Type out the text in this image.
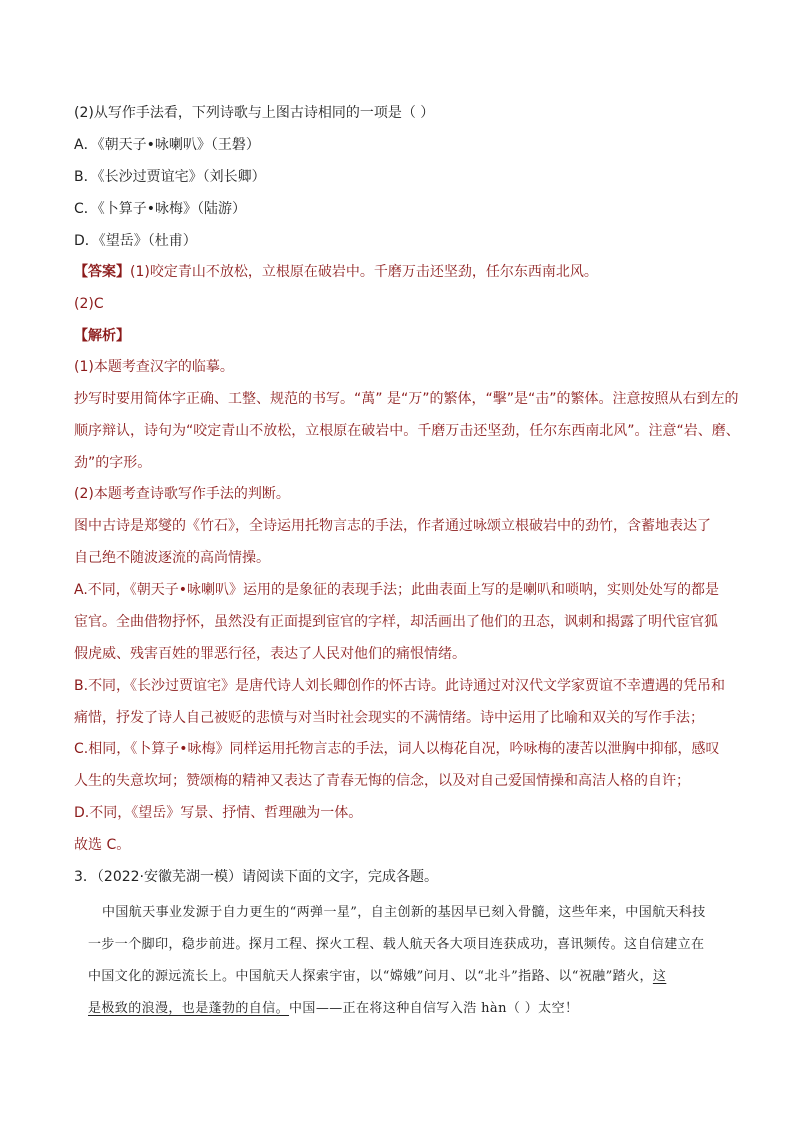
(2)从写作手法看，下列诗歌与上图古诗相同的一项是（ ）
A．《朝天子•咏喇叭》（王磐）
B．《长沙过贾谊宅》（刘长卿）
C．《卜算子•咏梅》（陆游）
D．《望岳》（杜甫）
【答案】(1)咬定青山不放松，立根原在破岩中。千磨万击还坚劲，任尔东西南北风。
(2)C
【解析】
(1)本题考查汉字的临摹。
抄写时要用简体字正确、工整、规范的书写。“萬” 是“万”的繁体，“擊”是“击”的繁体。注意按照从右到左的
顺序辩认，诗句为“咬定青山不放松，立根原在破岩中。千磨万击还坚劲，任尔东西南北风”。注意“岩、磨、
劲”的字形。
(2)本题考查诗歌写作手法的判断。
图中古诗是郑燮的《竹石》，全诗运用托物言志的手法，作者通过咏颂立根破岩中的劲竹，含蓄地表达了
自己绝不随波逐流的高尚情操。
A.不同，《朝天子•咏喇叭》运用的是象征的表现手法；此曲表面上写的是喇叭和唢呐，实则处处写的都是
宦官。全曲借物抒怀，虽然没有正面提到宦官的字样，却活画出了他们的丑态，讽刺和揭露了明代宦官狐
假虎威、残害百姓的罪恶行径，表达了人民对他们的痛恨情绪。
B.不同，《长沙过贾谊宅》是唐代诗人刘长卿创作的怀古诗。此诗通过对汉代文学家贾谊不幸遭遇的凭吊和
痛惜，抒发了诗人自己被贬的悲愤与对当时社会现实的不满情绪。诗中运用了比喻和双关的写作手法；
C.相同，《卜算子•咏梅》同样运用托物言志的手法，词人以梅花自况，吟咏梅的凄苦以泄胸中抑郁，感叹
人生的失意坎坷；赞颂梅的精神又表达了青春无悔的信念，以及对自己爱国情操和高洁人格的自许；
D.不同，《望岳》写景、抒情、哲理融为一体。
故选 C。
3．（2022·安徽芜湖一模）请阅读下面的文字，完成各题。
中国航天事业发源于自力更生的“两弹一星”，自主创新的基因早已刻入骨髓，这些年来，中国航天科技
一步一个脚印，稳步前进。探月工程、探火工程、载人航天各大项目连获成功，喜讯频传。这自信建立在
中国文化的源远流长上。中国航天人探索宇宙，以“嫦娥”问月、以“北斗”指路、以“祝融”踏火，这
是极致的浪漫，也是蓬勃的自信。中国——正在将这种自信写入浩 hàn（ ）太空！
